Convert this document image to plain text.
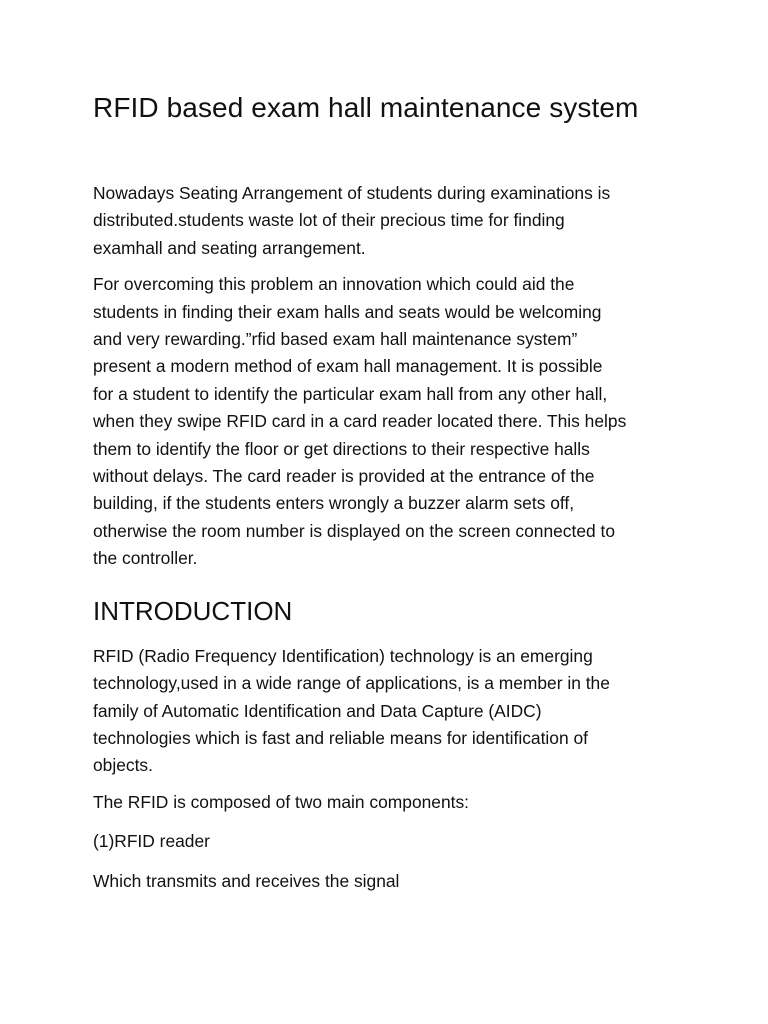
RFID based exam hall maintenance system
Nowadays Seating Arrangement of students during examinations is
distributed.students waste lot of their precious time for finding
examhall and seating arrangement.
For overcoming this problem an innovation which could aid the
students in finding their exam halls and seats would be welcoming
and very rewarding.”rfid based exam hall maintenance system”
present a modern method of exam hall management. It is possible
for a student to identify the particular exam hall from any other hall,
when they swipe RFID card in a card reader located there. This helps
them to identify the floor or get directions to their respective halls
without delays. The card reader is provided at the entrance of the
building, if the students enters wrongly a buzzer alarm sets off,
otherwise the room number is displayed on the screen connected to
the controller.
INTRODUCTION
RFID (Radio Frequency Identification) technology is an emerging
technology,used in a wide range of applications, is a member in the
family of Automatic Identification and Data Capture (AIDC)
technologies which is fast and reliable means for identification of
objects.

The RFID is composed of two main components:

(1)RFID reader

Which transmits and receives the signal
